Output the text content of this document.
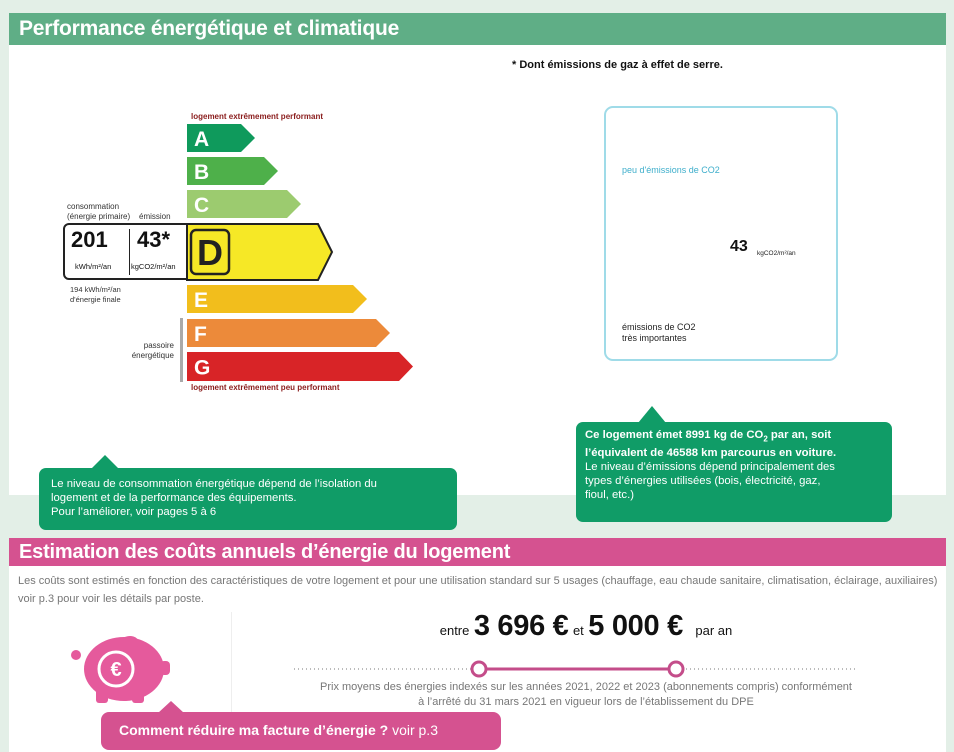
Performance énergétique et climatique
* Dont émissions de gaz à effet de serre.
logement extrêmement performant
logement extrêmement peu performant
consommation
(énergie primaire) émission
201 43*
kWh/m²/an	kgCO2/m²/an
194 kWh/m²/an
d'énergie finale
passoire
énergétique
A
B
C
D
E
F
G
peu d'émissions de CO2
émissions de CO2
très importantes
43 kgCO2/m²/an
Le niveau de consommation énergétique dépend de l’isolation du
logement et de la performance des équipements.
Pour l’améliorer, voir pages 5 à 6
Ce logement émet 8991 kg de $CO_2$ par an, soit
l’équivalent de 46588 km parcourus en voiture.
Le niveau d’émissions dépend principalement des
types d’énergies utilisées (bois, électricité, gaz,
fioul, etc.)
Estimation des coûts annuels d’énergie du logement
Les coûts sont estimés en fonction des caractéristiques de votre logement et pour une utilisation standard sur 5 usages (chauffage, eau chaude sanitaire, climatisation, éclairage, auxiliaires) voir p.3 pour voir les détails par poste.
€
entre 3 696 € et 5 000 € par an
Prix moyens des énergies indexés sur les années 2021, 2022 et 2023 (abonnements compris) conformément
à l’arrêté du 31 mars 2021 en vigueur lors de l’établissement du DPE
Comment réduire ma facture d’énergie ? voir p.3
